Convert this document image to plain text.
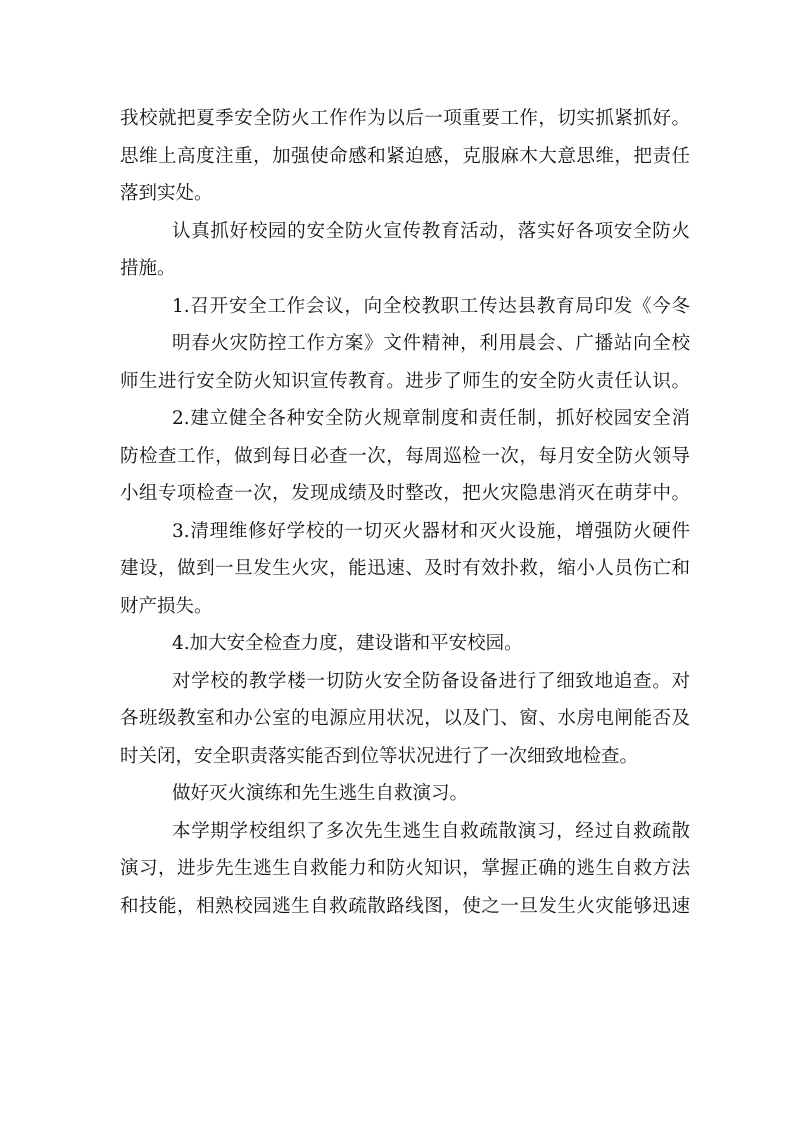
我校就把夏季安全防火工作作为以后一项重要工作，切实抓紧抓好。
思维上高度注重，加强使命感和紧迫感，克服麻木大意思维，把责任
落到实处。
认真抓好校园的安全防火宣传教育活动，落实好各项安全防火
措施。
1.召开安全工作会议，向全校教职工传达县教育局印发《今冬
明春火灾防控工作方案》文件精神，利用晨会、广播站向全校
师生进行安全防火知识宣传教育。进步了师生的安全防火责任认识。
2.建立健全各种安全防火规章制度和责任制，抓好校园安全消
防检查工作，做到每日必查一次，每周巡检一次，每月安全防火领导
小组专项检查一次，发现成绩及时整改，把火灾隐患消灭在萌芽中。
3.清理维修好学校的一切灭火器材和灭火设施，增强防火硬件
建设，做到一旦发生火灾，能迅速、及时有效扑救，缩小人员伤亡和
财产损失。
4.加大安全检查力度，建设谐和平安校园。
对学校的教学楼一切防火安全防备设备进行了细致地追查。对
各班级教室和办公室的电源应用状况，以及门、窗、水房电闸能否及
时关闭，安全职责落实能否到位等状况进行了一次细致地检查。
做好灭火演练和先生逃生自救演习。
本学期学校组织了多次先生逃生自救疏散演习，经过自救疏散
演习，进步先生逃生自救能力和防火知识，掌握正确的逃生自救方法
和技能，相熟校园逃生自救疏散路线图，使之一旦发生火灾能够迅速
